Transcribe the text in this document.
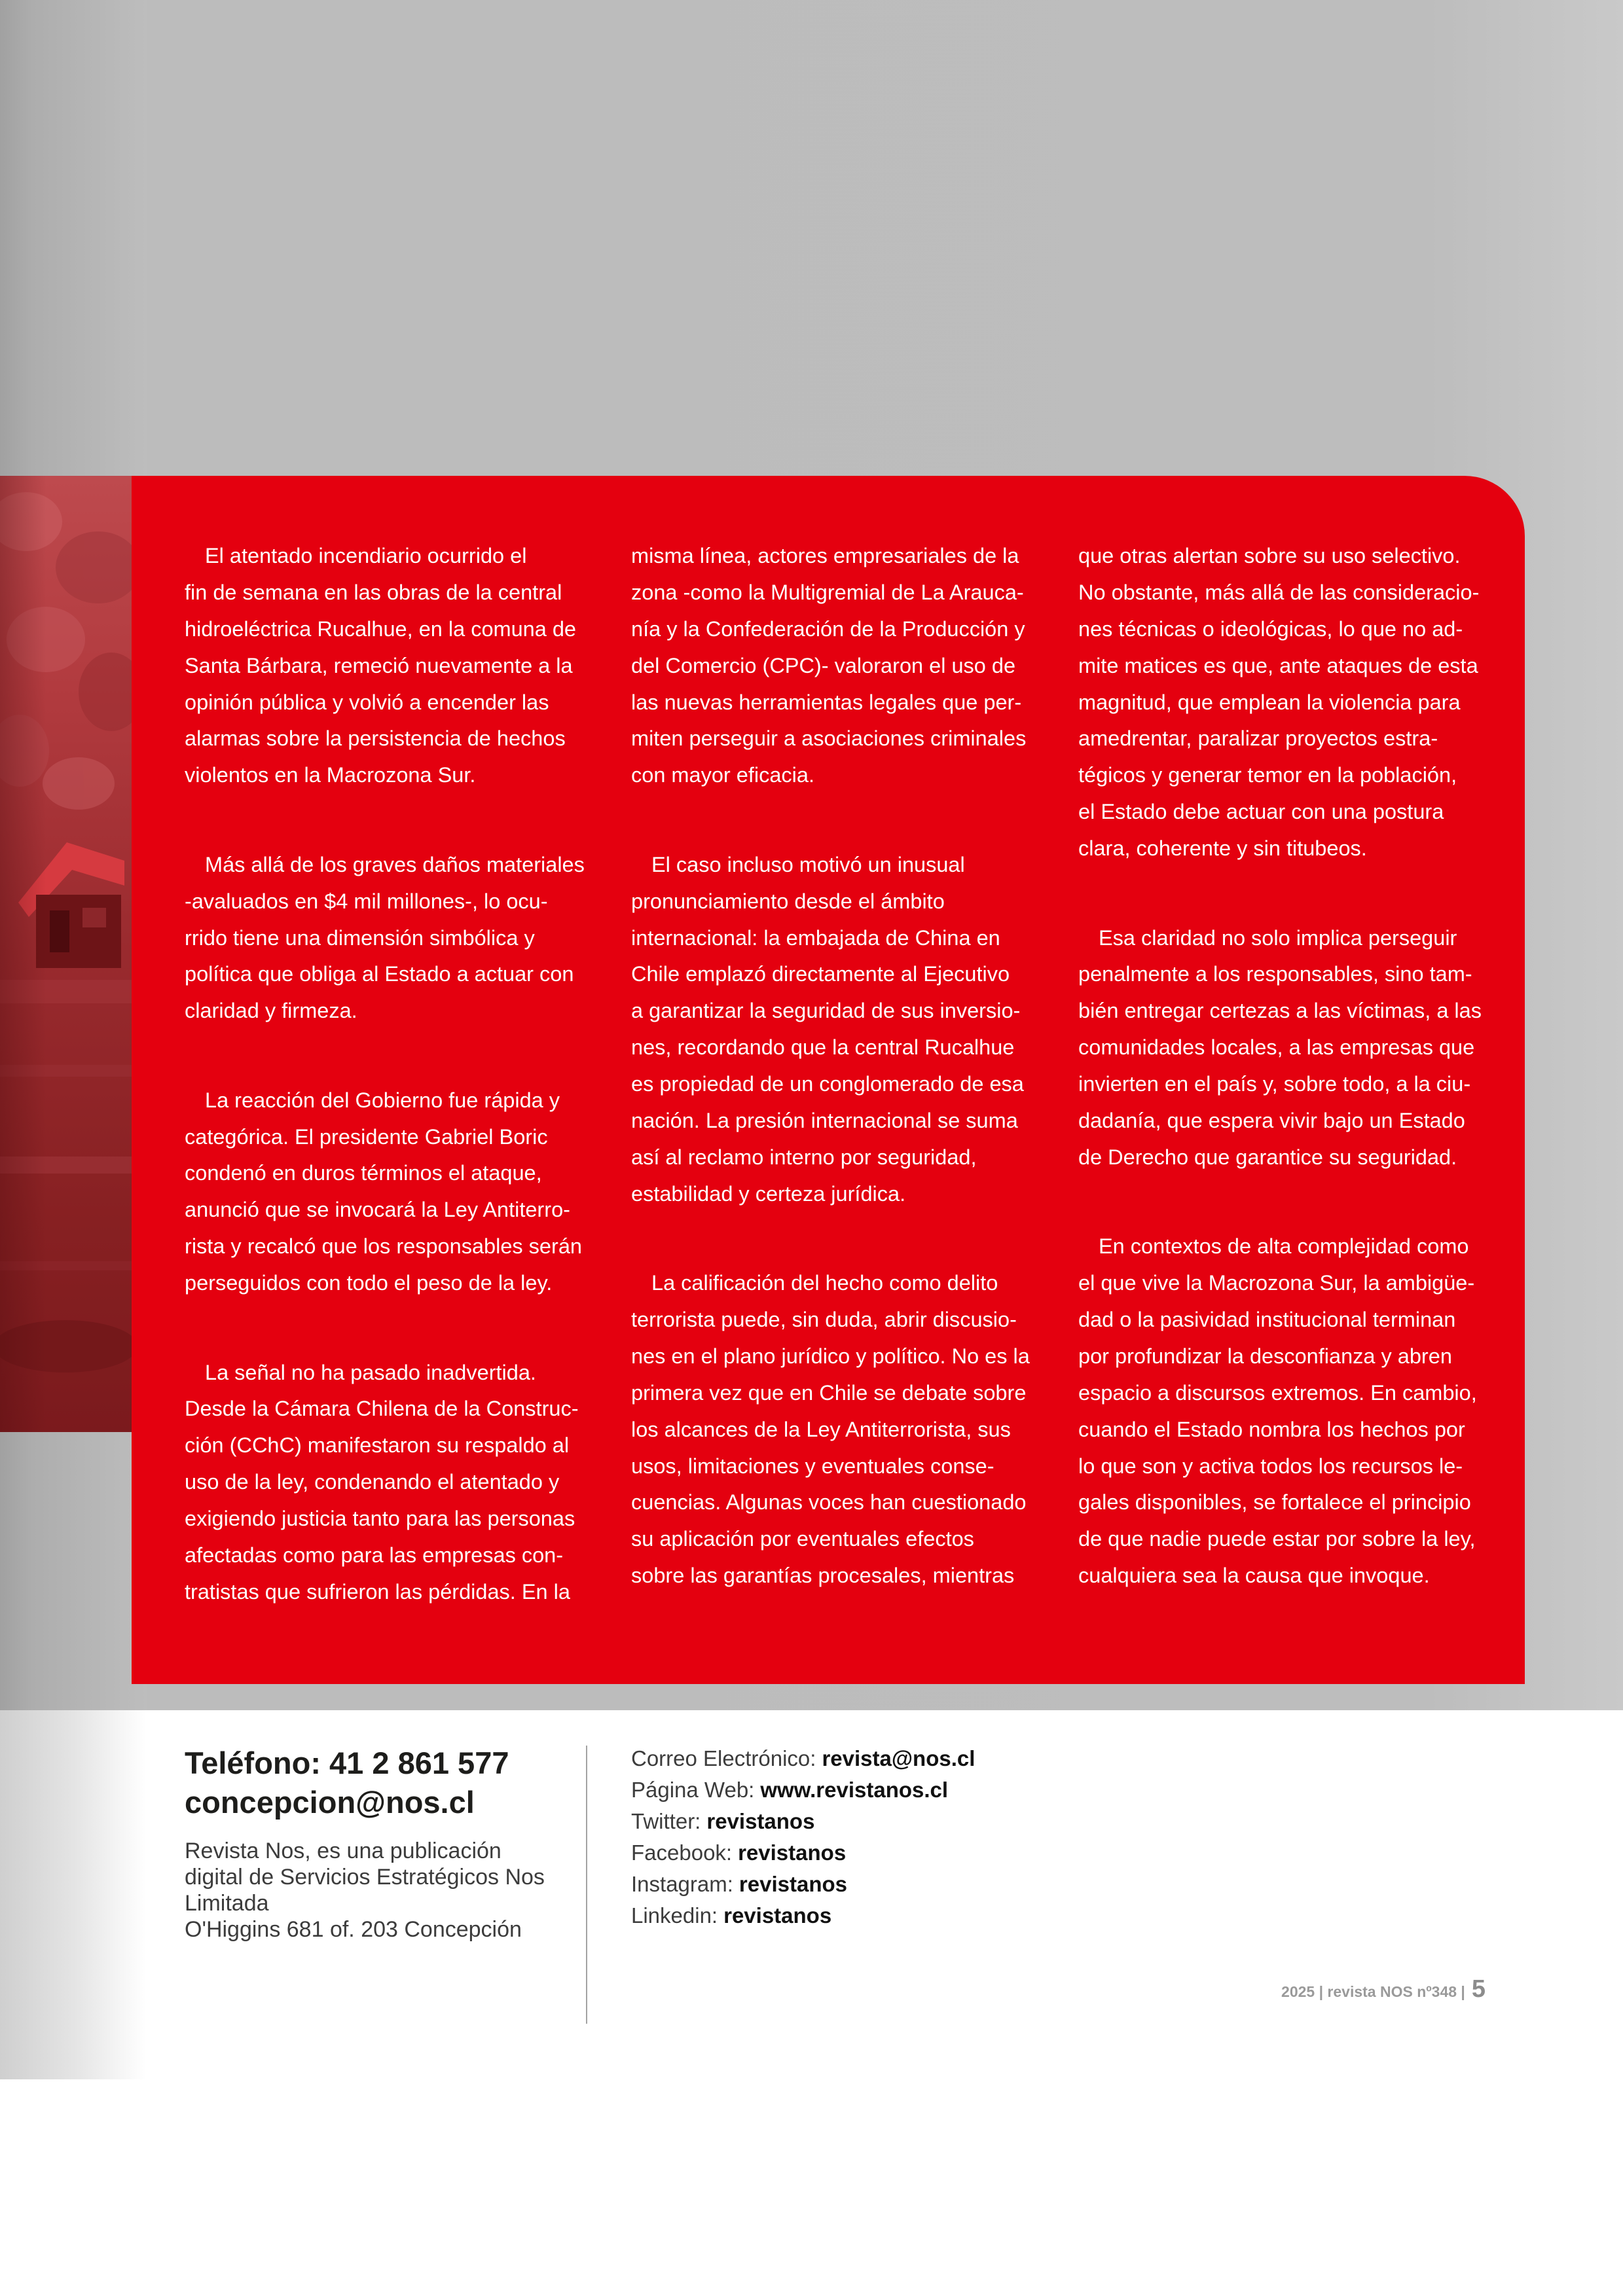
El atentado incendiario ocurrido el
fin de semana en las obras de la central
hidroeléctrica Rucalhue, en la comuna de
Santa Bárbara, remeció nuevamente a la
opinión pública y volvió a encender las
alarmas sobre la persistencia de hechos
violentos en la Macrozona Sur.
Más allá de los graves daños materiales
-avaluados en $4 mil millones-, lo ocu-
rrido tiene una dimensión simbólica y
política que obliga al Estado a actuar con
claridad y firmeza.
La reacción del Gobierno fue rápida y
categórica. El presidente Gabriel Boric
condenó en duros términos el ataque,
anunció que se invocará la Ley Antiterro-
rista y recalcó que los responsables serán
perseguidos con todo el peso de la ley.
La señal no ha pasado inadvertida.
Desde la Cámara Chilena de la Construc-
ción (CChC) manifestaron su respaldo al
uso de la ley, condenando el atentado y
exigiendo justicia tanto para las personas
afectadas como para las empresas con-
tratistas que sufrieron las pérdidas. En la
misma línea, actores empresariales de la
zona -como la Multigremial de La Arauca-
nía y la Confederación de la Producción y
del Comercio (CPC)- valoraron el uso de
las nuevas herramientas legales que per-
miten perseguir a asociaciones criminales
con mayor eficacia.
El caso incluso motivó un inusual
pronunciamiento desde el ámbito
internacional: la embajada de China en
Chile emplazó directamente al Ejecutivo
a garantizar la seguridad de sus inversio-
nes, recordando que la central Rucalhue
es propiedad de un conglomerado de esa
nación. La presión internacional se suma
así al reclamo interno por seguridad,
estabilidad y certeza jurídica.
La calificación del hecho como delito
terrorista puede, sin duda, abrir discusio-
nes en el plano jurídico y político. No es la
primera vez que en Chile se debate sobre
los alcances de la Ley Antiterrorista, sus
usos, limitaciones y eventuales conse-
cuencias. Algunas voces han cuestionado
su aplicación por eventuales efectos
sobre las garantías procesales, mientras
que otras alertan sobre su uso selectivo.
No obstante, más allá de las consideracio-
nes técnicas o ideológicas, lo que no ad-
mite matices es que, ante ataques de esta
magnitud, que emplean la violencia para
amedrentar, paralizar proyectos estra-
tégicos y generar temor en la población,
el Estado debe actuar con una postura
clara, coherente y sin titubeos.
Esa claridad no solo implica perseguir
penalmente a los responsables, sino tam-
bién entregar certezas a las víctimas, a las
comunidades locales, a las empresas que
invierten en el país y, sobre todo, a la ciu-
dadanía, que espera vivir bajo un Estado
de Derecho que garantice su seguridad.
En contextos de alta complejidad como
el que vive la Macrozona Sur, la ambigüe-
dad o la pasividad institucional terminan
por profundizar la desconfianza y abren
espacio a discursos extremos. En cambio,
cuando el Estado nombra los hechos por
lo que son y activa todos los recursos le-
gales disponibles, se fortalece el principio
de que nadie puede estar por sobre la ley,
cualquiera sea la causa que invoque.
Teléfono: 41 2 861 577
concepcion@nos.cl
Revista Nos, es una publicación
digital de Servicios Estratégicos Nos
Limitada
O'Higgins 681 of. 203 Concepción
Correo Electrónico: revista@nos.cl
Página Web: www.revistanos.cl
Twitter: revistanos
Facebook: revistanos
Instagram: revistanos
Linkedin: revistanos
2025 | revista NOS nº348 | 5
